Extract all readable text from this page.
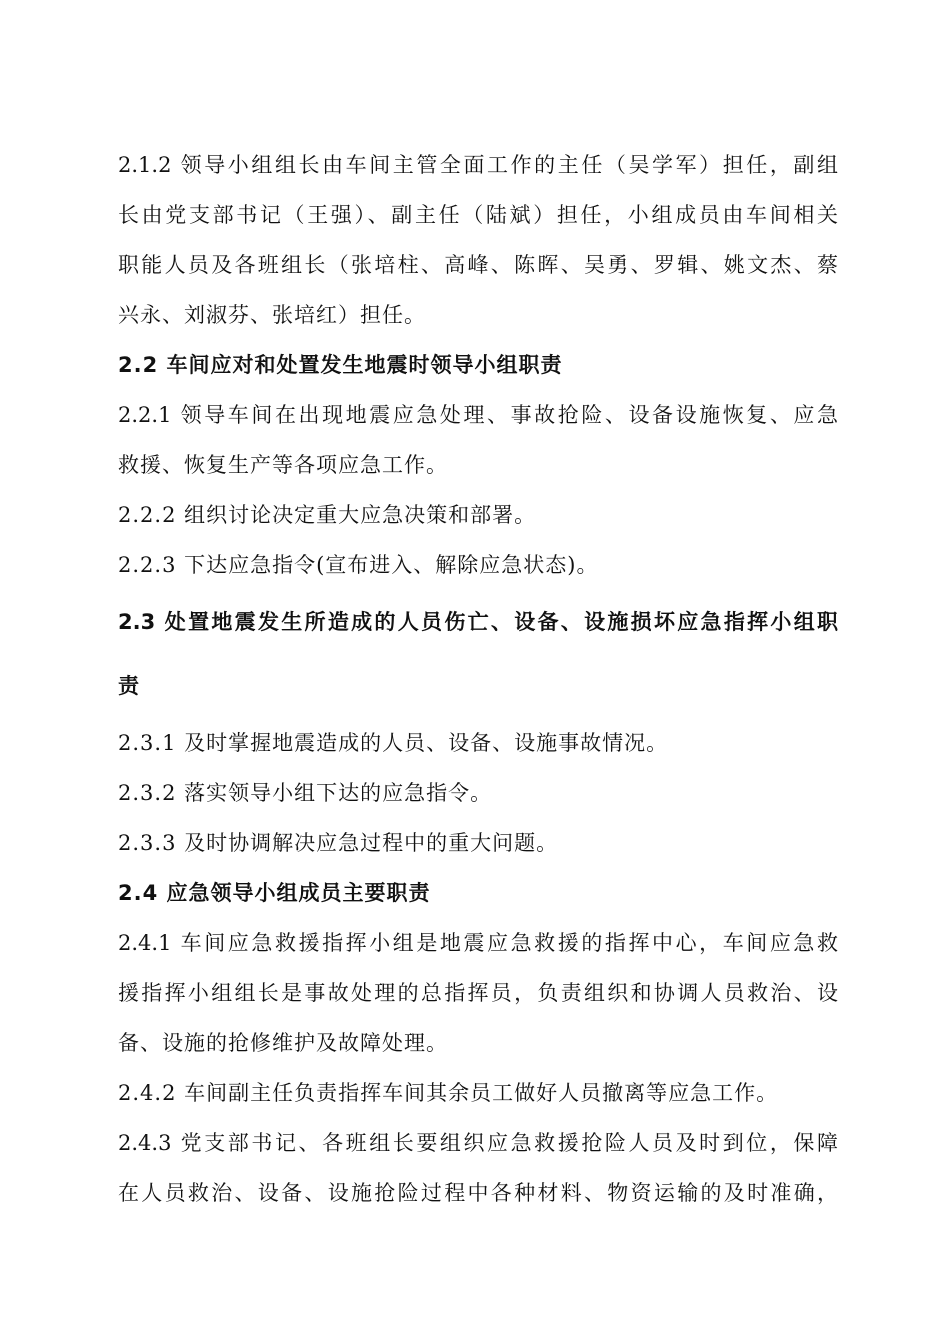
2.1.2 领导小组组长由车间主管全面工作的主任（吴学军）担任，副组
长由党支部书记（王强）、副主任（陆斌）担任，小组成员由车间相关
职能人员及各班组长（张培柱、高峰、陈晖、吴勇、罗辑、姚文杰、蔡
兴永、刘淑芬、张培红）担任。
2.2 车间应对和处置发生地震时领导小组职责
2.2.1 领导车间在出现地震应急处理、事故抢险、设备设施恢复、应急
救援、恢复生产等各项应急工作。
2.2.2 组织讨论决定重大应急决策和部署。
2.2.3 下达应急指令(宣布进入、解除应急状态)。
2.3 处置地震发生所造成的人员伤亡、设备、设施损坏应急指挥小组职
责
2.3.1 及时掌握地震造成的人员、设备、设施事故情况。
2.3.2 落实领导小组下达的应急指令。
2.3.3 及时协调解决应急过程中的重大问题。
2.4 应急领导小组成员主要职责
2.4.1 车间应急救援指挥小组是地震应急救援的指挥中心，车间应急救
援指挥小组组长是事故处理的总指挥员，负责组织和协调人员救治、设
备、设施的抢修维护及故障处理。
2.4.2 车间副主任负责指挥车间其余员工做好人员撤离等应急工作。
2.4.3 党支部书记、各班组长要组织应急救援抢险人员及时到位，保障
在人员救治、设备、设施抢险过程中各种材料、物资运输的及时准确，
